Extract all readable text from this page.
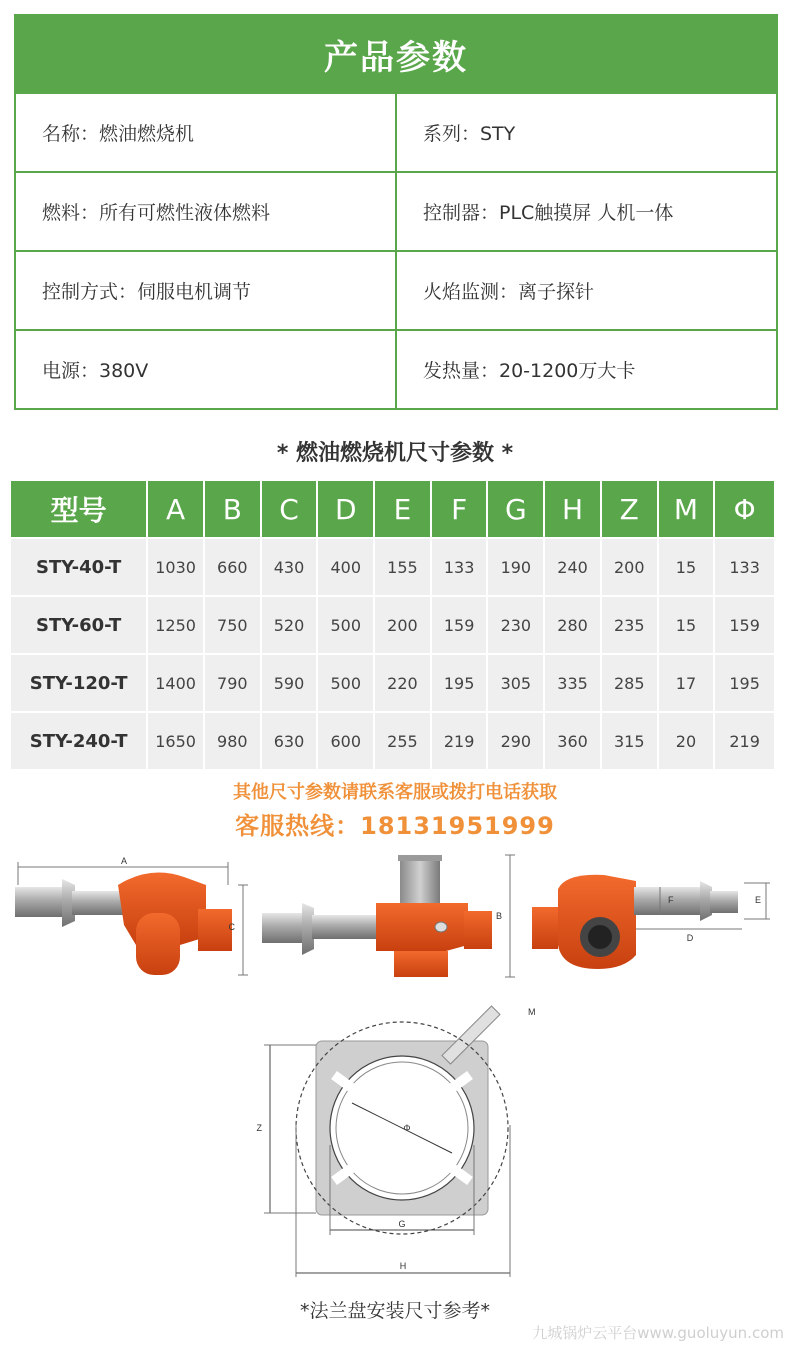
产品参数
名称：燃油燃烧机	系列：STY
燃料：所有可燃性液体燃料	控制器：PLC触摸屏 人机一体
控制方式：伺服电机调节	火焰监测：离子探针
电源：380V	发热量：20-1200万大卡
* 燃油燃烧机尺寸参数 *
型号	A	B	C	D	E	F	G	H	Z	M	Φ
STY-40-T	1030	660	430	400	155	133	190	240	200	15	133
STY-60-T	1250	750	520	500	200	159	230	280	235	15	159
STY-120-T	1400	790	590	500	220	195	305	335	285	17	195
STY-240-T	1650	980	630	600	255	219	290	360	315	20	219
其他尺寸参数请联系客服或拨打电话获取
客服热线：18131951999
A
C
B
F
D
E
Φ
M
Z
G
H
*法兰盘安装尺寸参考*
九城锅炉云平台www.guoluyun.com
